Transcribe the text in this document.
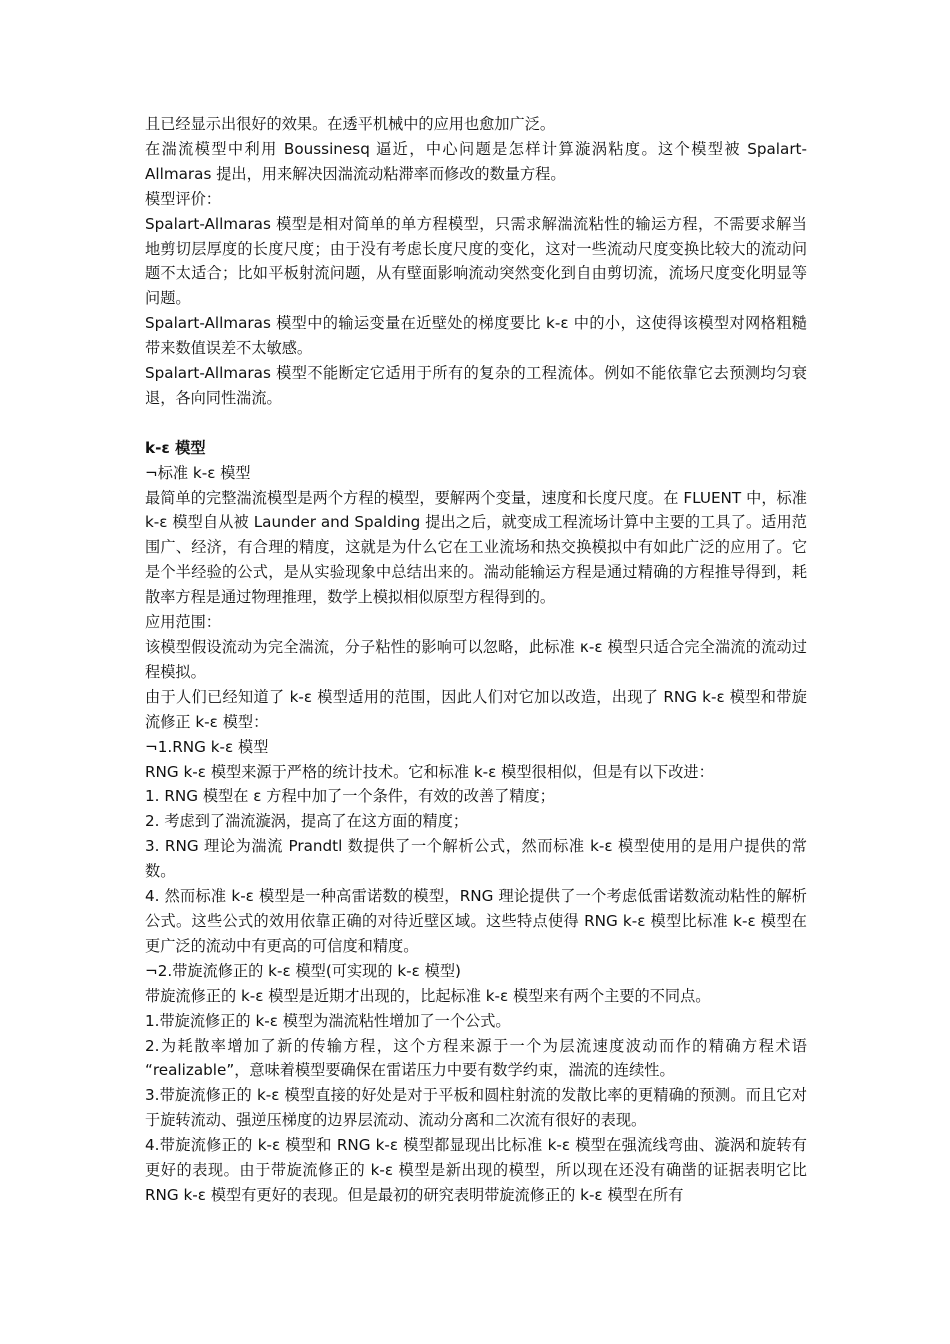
且已经显示出很好的效果。在透平机械中的应用也愈加广泛。

在湍流模型中利用 Boussinesq 逼近，中心问题是怎样计算漩涡粘度。这个模型被 Spalart-Allmaras 提出，用来解决因湍流动粘滞率而修改的数量方程。

模型评价：

Spalart-Allmaras 模型是相对简单的单方程模型，只需求解湍流粘性的输运方程，不需要求解当地剪切层厚度的长度尺度；由于没有考虑长度尺度的变化，这对一些流动尺度变换比较大的流动问题不太适合；比如平板射流问题，从有壁面影响流动突然变化到自由剪切流，流场尺度变化明显等问题。

Spalart-Allmaras 模型中的输运变量在近壁处的梯度要比 k-ε 中的小，这使得该模型对网格粗糙带来数值误差不太敏感。

Spalart-Allmaras 模型不能断定它适用于所有的复杂的工程流体。例如不能依靠它去预测均匀衰退，各向同性湍流。

k-ε 模型

¬标准 k-ε 模型

最简单的完整湍流模型是两个方程的模型，要解两个变量，速度和长度尺度。在 FLUENT 中，标准 k-ε 模型自从被 Launder and Spalding 提出之后，就变成工程流场计算中主要的工具了。适用范围广、经济，有合理的精度，这就是为什么它在工业流场和热交换模拟中有如此广泛的应用了。它是个半经验的公式，是从实验现象中总结出来的。湍动能输运方程是通过精确的方程推导得到，耗散率方程是通过物理推理，数学上模拟相似原型方程得到的。

应用范围：

该模型假设流动为完全湍流，分子粘性的影响可以忽略，此标准 κ-ε 模型只适合完全湍流的流动过程模拟。

由于人们已经知道了 k-ε 模型适用的范围，因此人们对它加以改造，出现了 RNG k-ε 模型和带旋流修正 k-ε 模型：

¬1.RNG k-ε 模型

RNG k-ε 模型来源于严格的统计技术。它和标准 k-ε 模型很相似，但是有以下改进：

1. RNG 模型在 ε 方程中加了一个条件，有效的改善了精度；

2. 考虑到了湍流漩涡，提高了在这方面的精度；

3. RNG 理论为湍流 Prandtl 数提供了一个解析公式，然而标准 k-ε 模型使用的是用户提供的常数。

4. 然而标准 k-ε 模型是一种高雷诺数的模型，RNG 理论提供了一个考虑低雷诺数流动粘性的解析公式。这些公式的效用依靠正确的对待近壁区域。这些特点使得 RNG k-ε 模型比标准 k-ε 模型在更广泛的流动中有更高的可信度和精度。

¬2.带旋流修正的 k-ε 模型(可实现的 k-ε 模型)

带旋流修正的 k-ε 模型是近期才出现的，比起标准 k-ε 模型来有两个主要的不同点。

1.带旋流修正的 k-ε 模型为湍流粘性增加了一个公式。

2.为耗散率增加了新的传输方程，这个方程来源于一个为层流速度波动而作的精确方程术语 “realizable”，意味着模型要确保在雷诺压力中要有数学约束，湍流的连续性。

3.带旋流修正的 k-ε 模型直接的好处是对于平板和圆柱射流的发散比率的更精确的预测。而且它对于旋转流动、强逆压梯度的边界层流动、流动分离和二次流有很好的表现。

4.带旋流修正的 k-ε 模型和 RNG k-ε 模型都显现出比标准 k-ε 模型在强流线弯曲、漩涡和旋转有更好的表现。由于带旋流修正的 k-ε 模型是新出现的模型，所以现在还没有确凿的证据表明它比 RNG k-ε 模型有更好的表现。但是最初的研究表明带旋流修正的 k-ε 模型在所有
